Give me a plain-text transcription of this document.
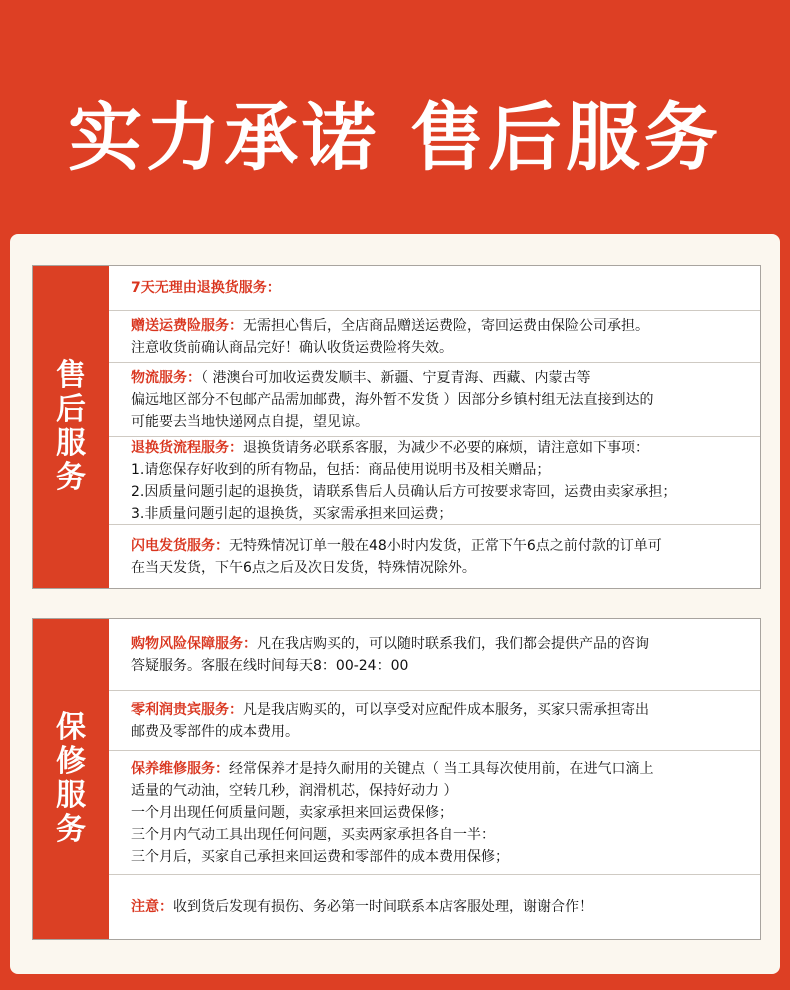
实力承诺 售后服务
售
后
服
务
7天无理由退换货服务：
赠送运费险服务：无需担心售后，全店商品赠送运费险，寄回运费由保险公司承担。
注意收货前确认商品完好！确认收货运费险将失效。
物流服务：（ 港澳台可加收运费发顺丰、新疆、宁夏青海、西藏、内蒙古等
偏远地区部分不包邮产品需加邮费，海外暂不发货 ）因部分乡镇村组无法直接到达的
可能要去当地快递网点自提，望见谅。
退换货流程服务：退换货请务必联系客服，为减少不必要的麻烦，请注意如下事项：
1.请您保存好收到的所有物品，包括：商品使用说明书及相关赠品；
2.因质量问题引起的退换货，请联系售后人员确认后方可按要求寄回，运费由卖家承担；
3.非质量问题引起的退换货，买家需承担来回运费；
闪电发货服务：无特殊情况订单一般在48小时内发货，正常下午6点之前付款的订单可
在当天发货，下午6点之后及次日发货，特殊情况除外。
保
修
服
务
购物风险保障服务：凡在我店购买的，可以随时联系我们，我们都会提供产品的咨询
答疑服务。客服在线时间每天8：00-24：00
零利润贵宾服务：凡是我店购买的，可以享受对应配件成本服务，买家只需承担寄出
邮费及零部件的成本费用。
保养维修服务：经常保养才是持久耐用的关键点（ 当工具每次使用前，在进气口滴上
适量的气动油，空转几秒，润滑机芯，保持好动力 ）
一个月出现任何质量问题，卖家承担来回运费保修；
三个月内气动工具出现任何问题，买卖两家承担各自一半：
三个月后，买家自己承担来回运费和零部件的成本费用保修；
注意：收到货后发现有损伤、务必第一时间联系本店客服处理，谢谢合作！
